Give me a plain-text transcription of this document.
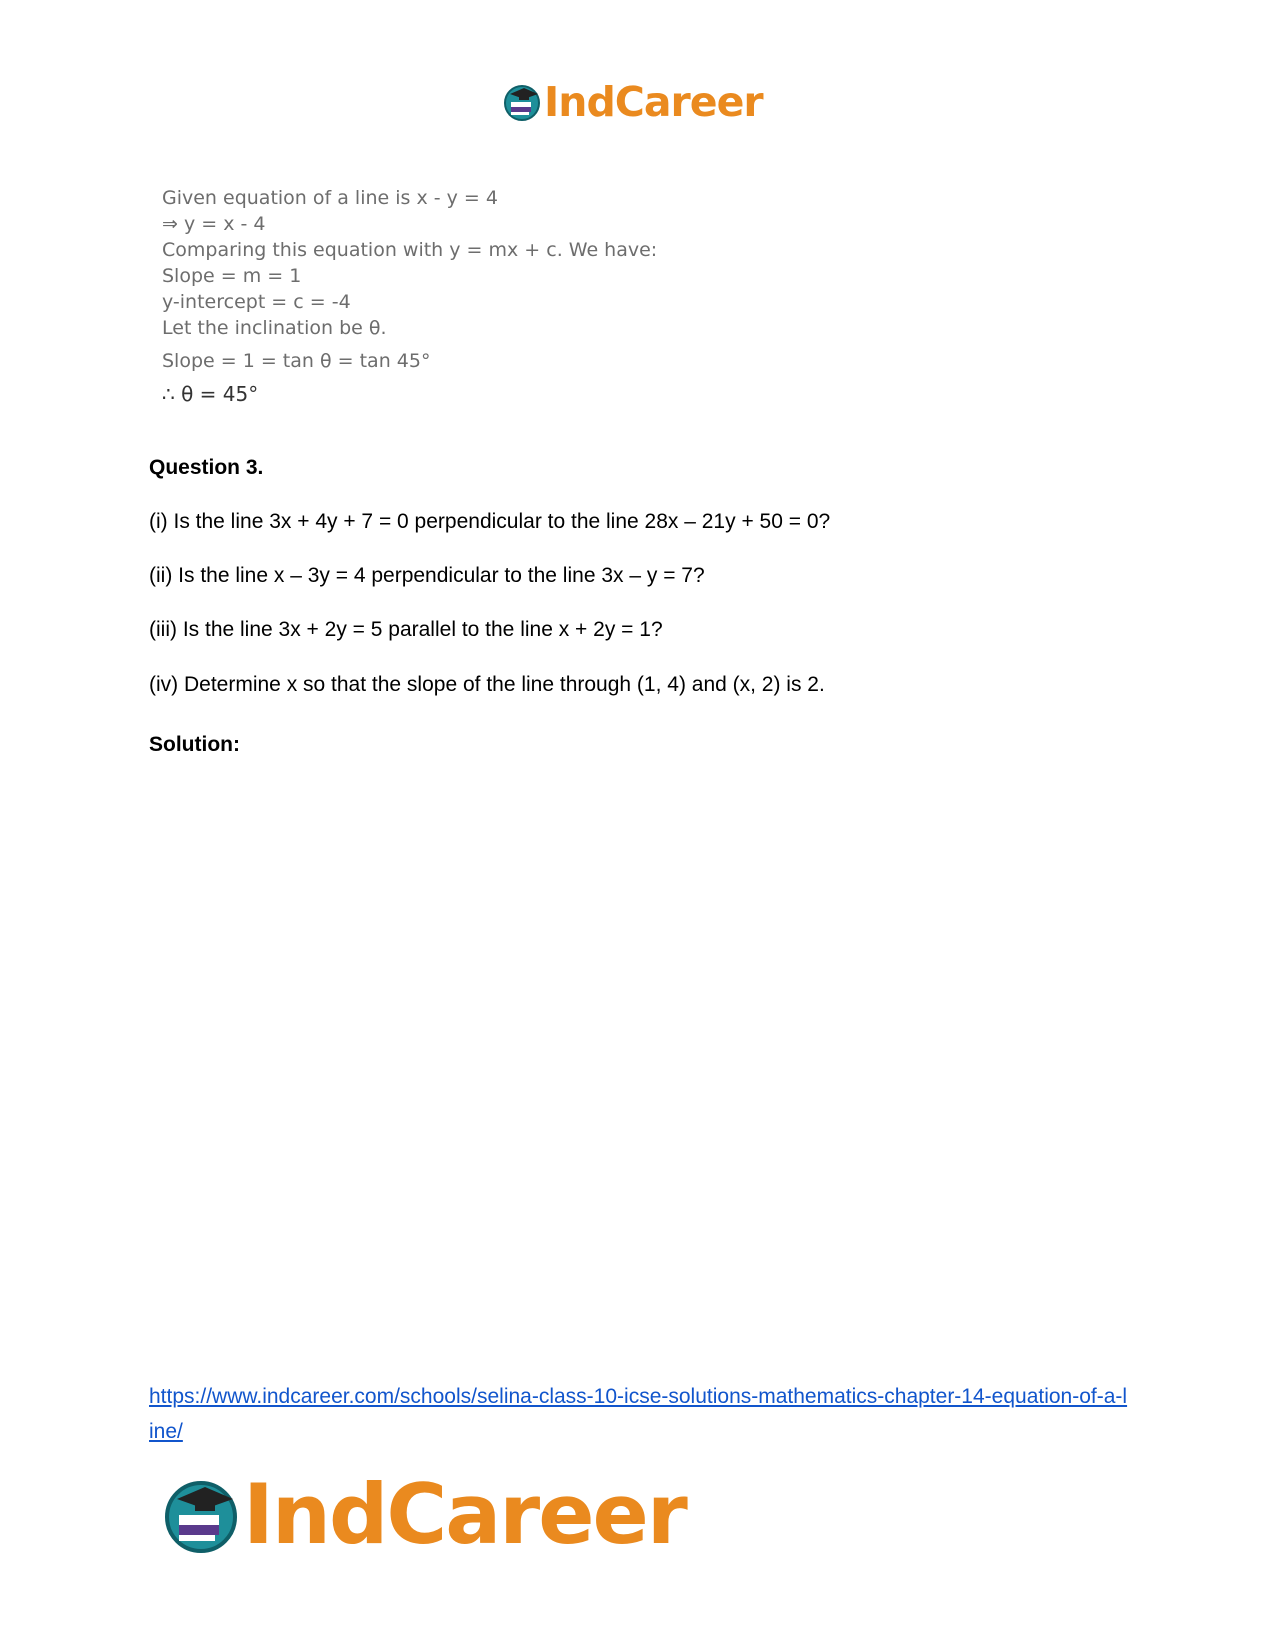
IndCareer
Given equation of a line is x - y = 4
⇒ y = x - 4
Comparing this equation with y = mx + c. We have:
Slope = m = 1
y-intercept = c = -4
Let the inclination be θ.
Slope = 1 = tan θ = tan 45°
∴ θ = 45°
Question 3.
(i) Is the line 3x + 4y + 7 = 0 perpendicular to the line 28x – 21y + 50 = 0?
(ii) Is the line x – 3y = 4 perpendicular to the line 3x – y = 7?
(iii) Is the line 3x + 2y = 5 parallel to the line x + 2y = 1?
(iv) Determine x so that the slope of the line through (1, 4) and (x, 2) is 2.
Solution:
https://www.indcareer.com/schools/selina-class-10-icse-solutions-mathematics-chapter-14-equation-of-a-line/
IndCareer
